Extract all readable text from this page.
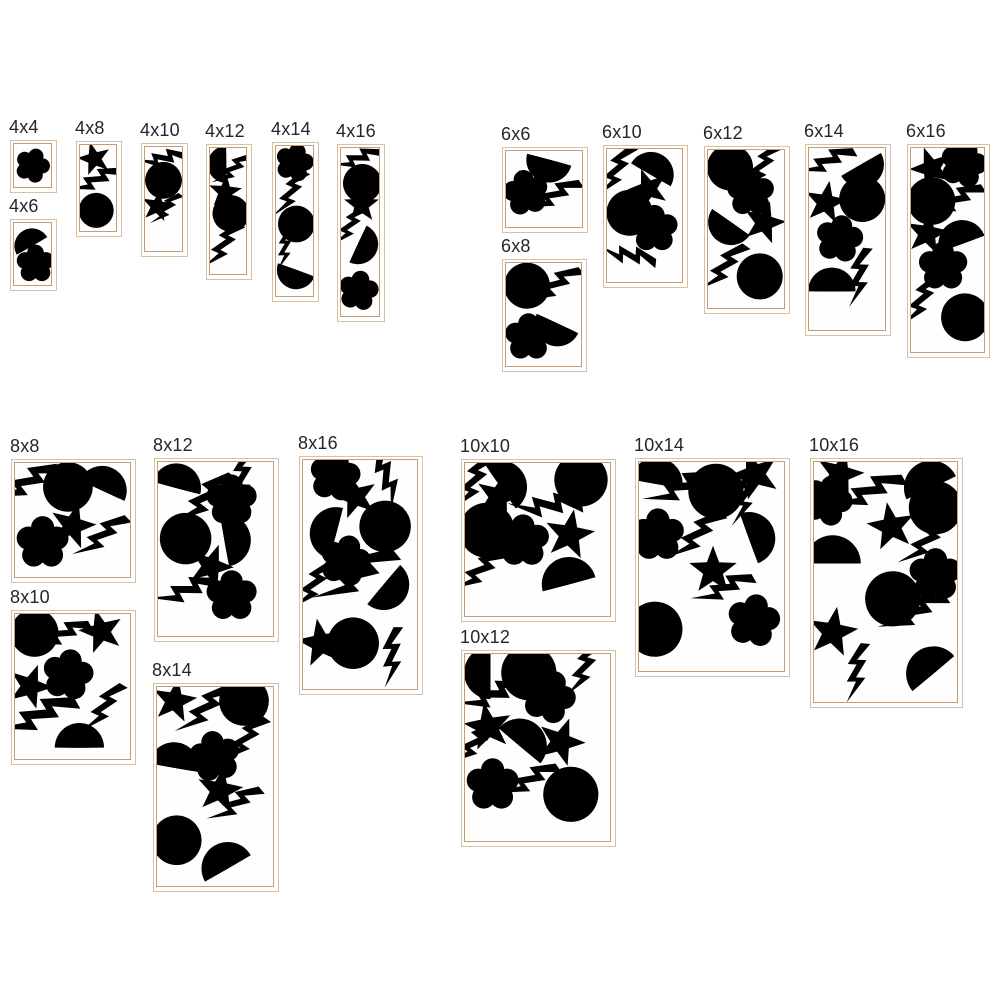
4x4
4x6
4x8 4x10 4x12 4x14 4x16	6x6
6x8
6x10	6x12	6x14	6x16
8x8
8x10
8x12
8x14
8x16	10x10
10x12
10x14	10x16
